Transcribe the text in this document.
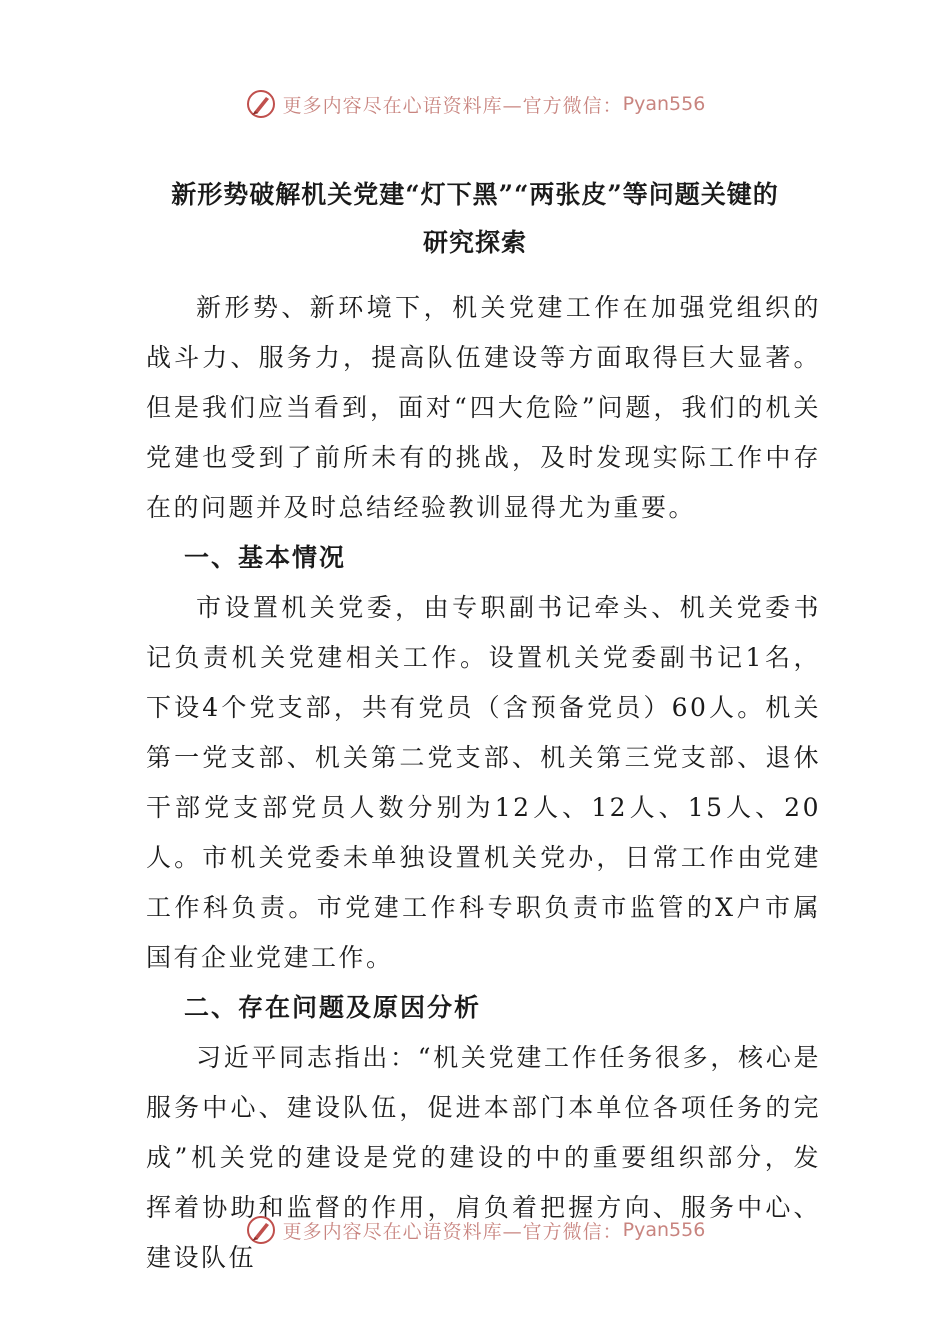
更多内容尽在心语资料库—官方微信： Pyan556
新形势破解机关党建“灯下黑”“两张皮”等问题关键的
研究探索

新形势、新环境下，机关党建工作在加强党组织的战斗力、服务力，提高队伍建设等方面取得巨大显著。但是我们应当看到，面对“四大危险”问题，我们的机关党建也受到了前所未有的挑战，及时发现实际工作中存在的问题并及时总结经验教训显得尤为重要。

一、基本情况

市设置机关党委，由专职副书记牵头、机关党委书记负责机关党建相关工作。设置机关党委副书记1名，下设4个党支部，共有党员（含预备党员）60人。机关第一党支部、机关第二党支部、机关第三党支部、退休干部党支部党员人数分别为12人、12人、15人、20人。市机关党委未单独设置机关党办，日常工作由党建工作科负责。市党建工作科专职负责市监管的X户市属国有企业党建工作。

二、存在问题及原因分析

习近平同志指出：“机关党建工作任务很多，核心是服务中心、建设队伍，促进本部门本单位各项任务的完成”机关党的建设是党的建设的中的重要组织部分，发挥着协助和监督的作用，肩负着把握方向、服务中心、建设队伍

更多内容尽在心语资料库—官方微信： Pyan556
